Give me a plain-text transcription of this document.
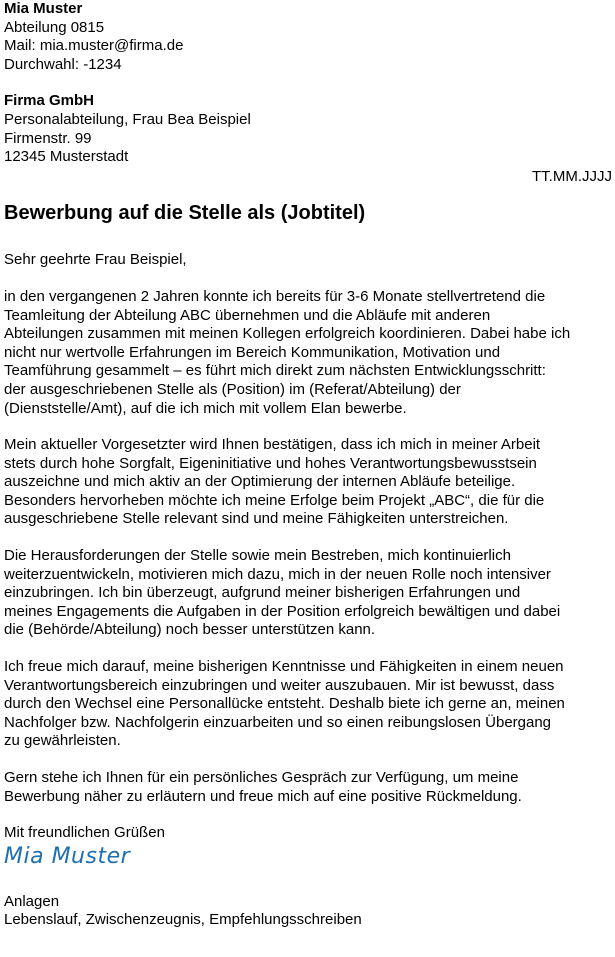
Mia Muster

Abteilung 0815

Mail: mia.muster@firma.de

Durchwahl: -1234

Firma GmbH

Personalabteilung, Frau Bea Beispiel

Firmenstr. 99

12345 Musterstadt

TT.MM.JJJJ
Bewerbung auf die Stelle als (Jobtitel)
Sehr geehrte Frau Beispiel,
in den vergangenen 2 Jahren konnte ich bereits für 3-6 Monate stellvertretend die
Teamleitung der Abteilung ABC übernehmen und die Abläufe mit anderen
Abteilungen zusammen mit meinen Kollegen erfolgreich koordinieren. Dabei habe ich
nicht nur wertvolle Erfahrungen im Bereich Kommunikation, Motivation und
Teamführung gesammelt – es führt mich direkt zum nächsten Entwicklungsschritt:
der ausgeschriebenen Stelle als (Position) im (Referat/Abteilung) der
(Dienststelle/Amt), auf die ich mich mit vollem Elan bewerbe.
Mein aktueller Vorgesetzter wird Ihnen bestätigen, dass ich mich in meiner Arbeit
stets durch hohe Sorgfalt, Eigeninitiative und hohes Verantwortungsbewusstsein
auszeichne und mich aktiv an der Optimierung der internen Abläufe beteilige.
Besonders hervorheben möchte ich meine Erfolge beim Projekt „ABC“, die für die
ausgeschriebene Stelle relevant sind und meine Fähigkeiten unterstreichen.
Die Herausforderungen der Stelle sowie mein Bestreben, mich kontinuierlich
weiterzuentwickeln, motivieren mich dazu, mich in der neuen Rolle noch intensiver
einzubringen. Ich bin überzeugt, aufgrund meiner bisherigen Erfahrungen und
meines Engagements die Aufgaben in der Position erfolgreich bewältigen und dabei
die (Behörde/Abteilung) noch besser unterstützen kann.
Ich freue mich darauf, meine bisherigen Kenntnisse und Fähigkeiten in einem neuen
Verantwortungsbereich einzubringen und weiter auszubauen. Mir ist bewusst, dass
durch den Wechsel eine Personallücke entsteht. Deshalb biete ich gerne an, meinen
Nachfolger bzw. Nachfolgerin einzuarbeiten und so einen reibungslosen Übergang
zu gewährleisten.
Gern stehe ich Ihnen für ein persönliches Gespräch zur Verfügung, um meine
Bewerbung näher zu erläutern und freue mich auf eine positive Rückmeldung.
Mit freundlichen Grüßen
Mia Muster

Anlagen

Lebenslauf, Zwischenzeugnis, Empfehlungsschreiben
